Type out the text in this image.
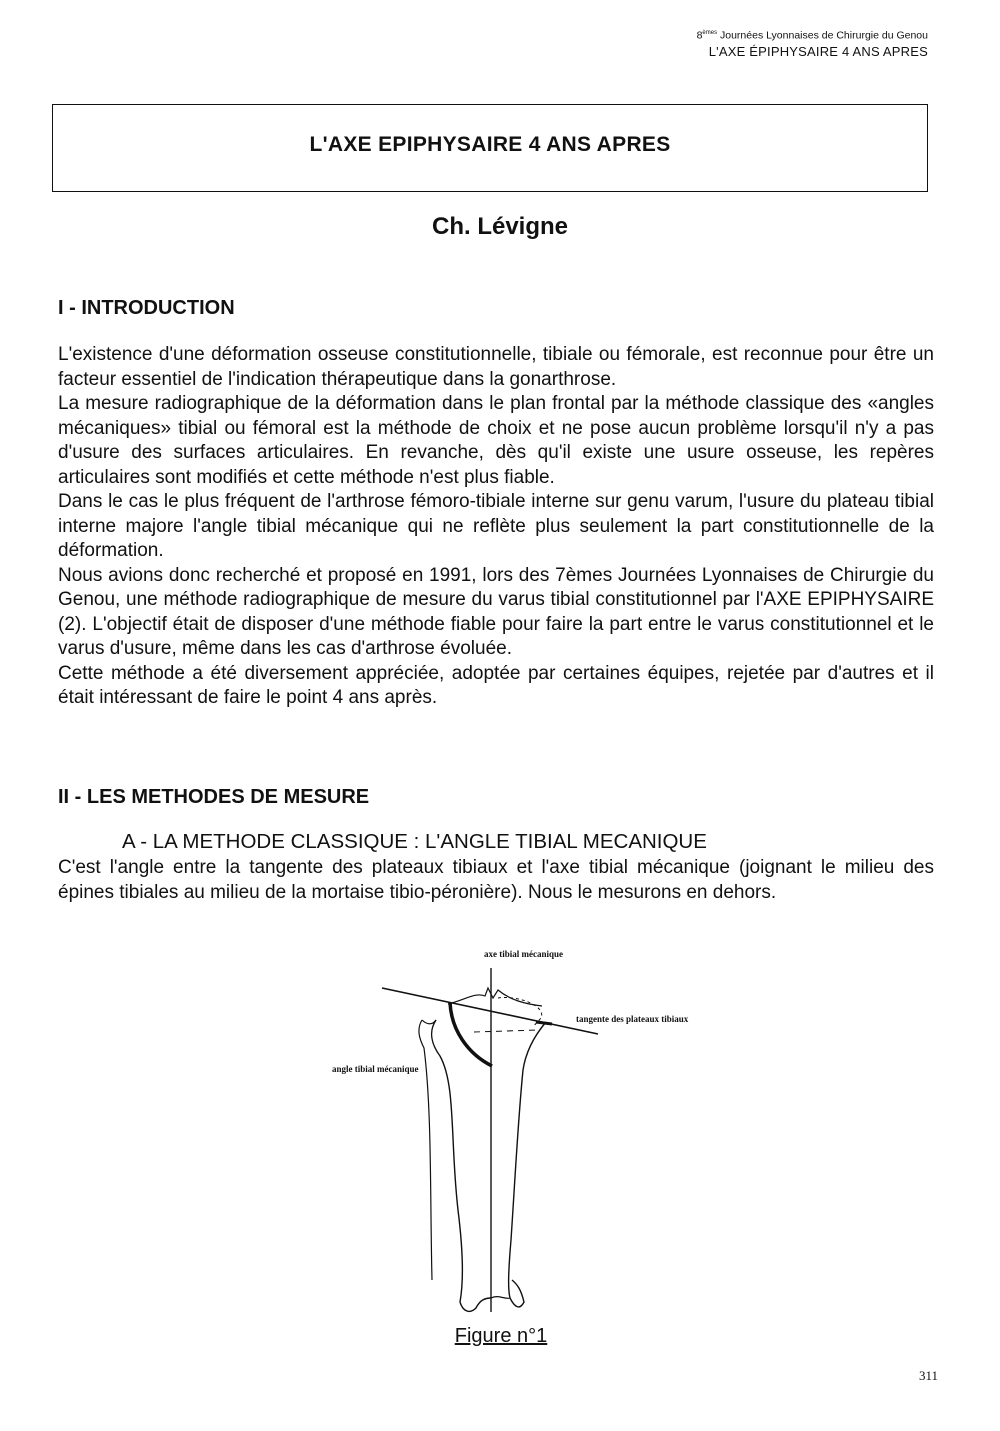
8èmes Journées Lyonnaises de Chirurgie du Genou
L'AXE ÉPIPHYSAIRE 4 ANS APRES
L'AXE EPIPHYSAIRE 4 ANS APRES
Ch. Lévigne
I - INTRODUCTION

L'existence d'une déformation osseuse constitutionnelle, tibiale ou fémorale, est reconnue pour être un facteur essentiel de l'indication thérapeutique dans la gonarthrose.

La mesure radiographique de la déformation dans le plan frontal par la méthode classique des «angles mécaniques» tibial ou fémoral est la méthode de choix et ne pose aucun problème lorsqu'il n'y a pas d'usure des surfaces articulaires. En revanche, dès qu'il existe une usure osseuse, les repères articulaires sont modifiés et cette méthode n'est plus fiable.

Dans le cas le plus fréquent de l'arthrose fémoro-tibiale interne sur genu varum, l'usure du plateau tibial interne majore l'angle tibial mécanique qui ne reflète plus seulement la part constitutionnelle de la déformation.

Nous avions donc recherché et proposé en 1991, lors des 7èmes Journées Lyonnaises de Chirurgie du Genou, une méthode radiographique de mesure du varus tibial constitutionnel par l'AXE EPIPHYSAIRE (2). L'objectif était de disposer d'une méthode fiable pour faire la part entre le varus constitutionnel et le varus d'usure, même dans les cas d'arthrose évoluée.

Cette méthode a été diversement appréciée, adoptée par certaines équipes, rejetée par d'autres et il était intéressant de faire le point 4 ans après.

II - LES METHODES DE MESURE
A - LA METHODE CLASSIQUE : L'ANGLE TIBIAL MECANIQUE

C'est l'angle entre la tangente des plateaux tibiaux et l'axe tibial mécanique (joignant le milieu des épines tibiales au milieu de la mortaise tibio-péronière). Nous le mesurons en dehors.

axe tibial mécanique
tangente des plateaux tibiaux
angle tibial mécanique
Figure n°1
311
